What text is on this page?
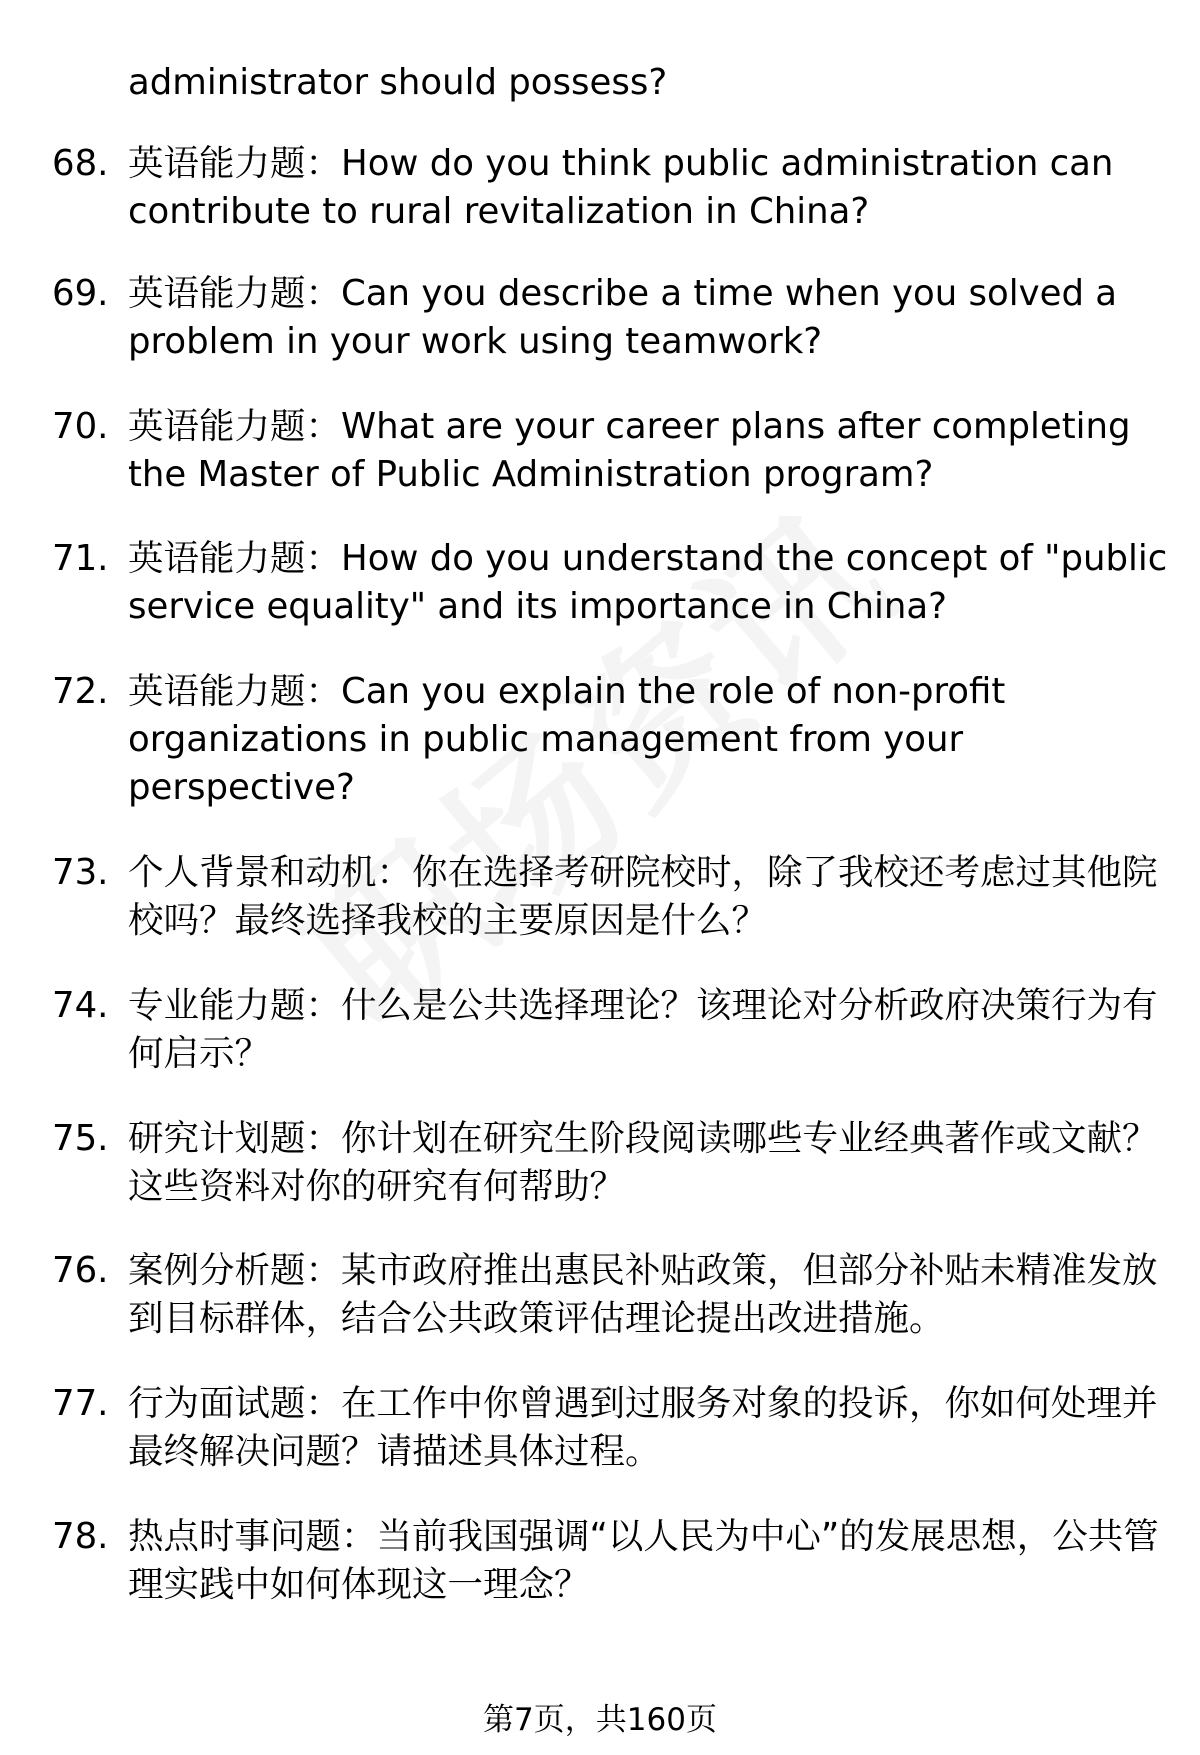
administrator should possess?
68. 英语能力题：How do you think public administration can contribute to rural revitalization in China?
69. 英语能力题：Can you describe a time when you solved a problem in your work using teamwork?
70. 英语能力题：What are your career plans after completing the Master of Public Administration program?
71. 英语能力题：How do you understand the concept of "public service equality" and its importance in China?
72. 英语能力题：Can you explain the role of non-profit organizations in public management from your perspective?
73. 个人背景和动机：你在选择考研院校时，除了我校还考虑过其他院校吗？最终选择我校的主要原因是什么？
74. 专业能力题：什么是公共选择理论？该理论对分析政府决策行为有何启示？
75. 研究计划题：你计划在研究生阶段阅读哪些专业经典著作或文献？这些资料对你的研究有何帮助？
76. 案例分析题：某市政府推出惠民补贴政策，但部分补贴未精准发放到目标群体，结合公共政策评估理论提出改进措施。
77. 行为面试题：在工作中你曾遇到过服务对象的投诉，你如何处理并最终解决问题？请描述具体过程。
78. 热点时事问题：当前我国强调“以人民为中心”的发展思想，公共管理实践中如何体现这一理念？
第7页，共160页
